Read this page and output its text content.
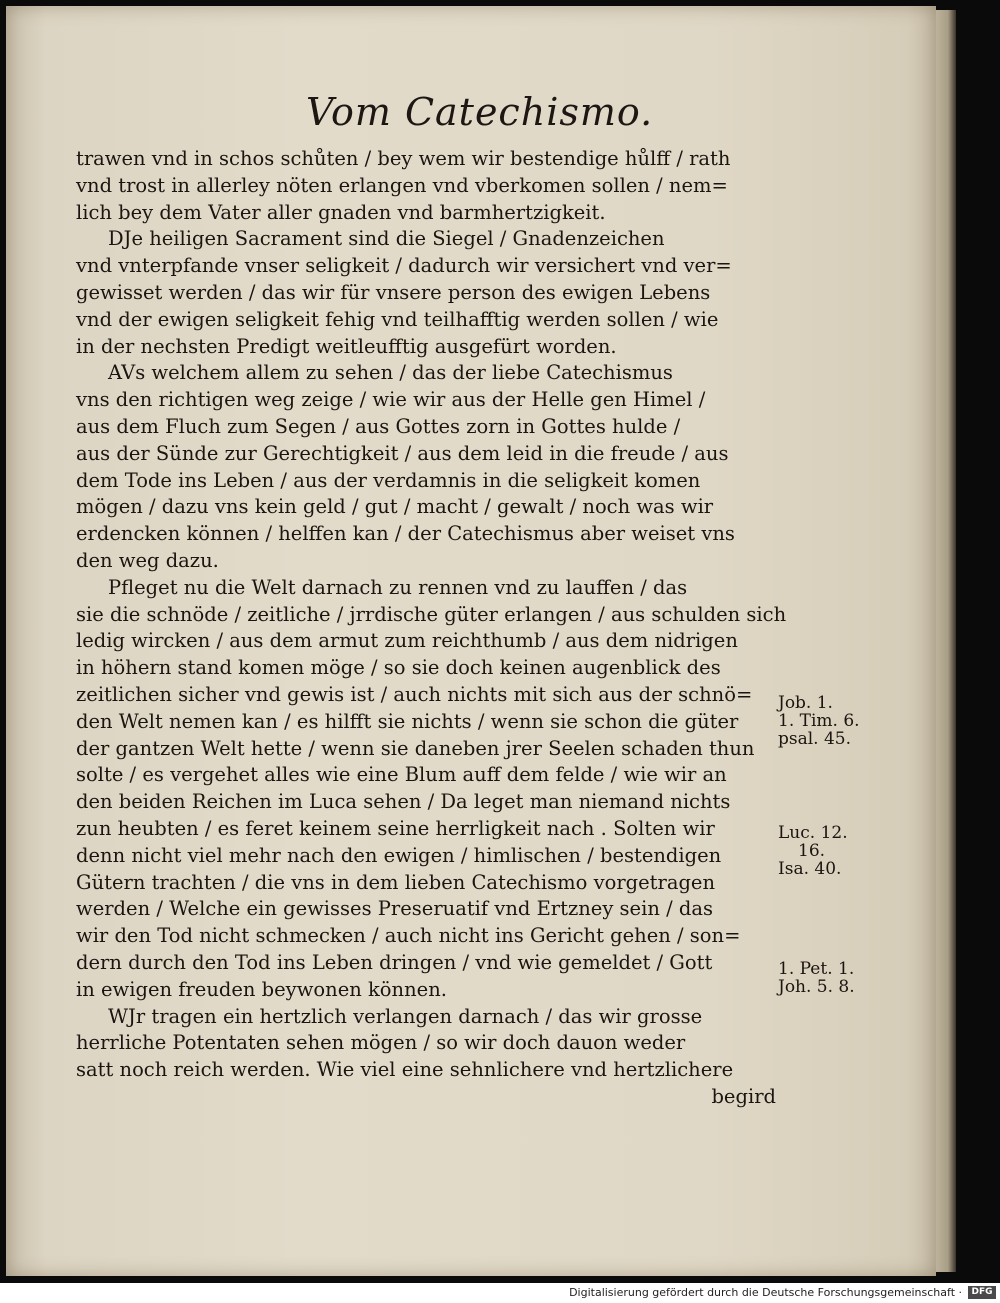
Vom Catechismo.
trawen vnd in schos schůten / bey wem wir bestendige hůlff / rath
vnd trost in allerley nöten erlangen vnd vberkomen sollen / nem=
lich bey dem Vater aller gnaden vnd barmhertzigkeit.
DJe heiligen Sacrament sind die Siegel / Gnadenzeichen
vnd vnterpfande vnser seligkeit / dadurch wir versichert vnd ver=
gewisset werden / das wir für vnsere person des ewigen Lebens
vnd der ewigen seligkeit fehig vnd teilhafftig werden sollen / wie
in der nechsten Predigt weitleufftig ausgefürt worden.
AVs welchem allem zu sehen / das der liebe Catechismus
vns den richtigen weg zeige / wie wir aus der Helle gen Himel /
aus dem Fluch zum Segen / aus Gottes zorn in Gottes hulde /
aus der Sünde zur Gerechtigkeit / aus dem leid in die freude / aus
dem Tode ins Leben / aus der verdamnis in die seligkeit komen
mögen / dazu vns kein geld / gut / macht / gewalt / noch was wir
erdencken können / helffen kan / der Catechismus aber weiset vns
den weg dazu.
Pfleget nu die Welt darnach zu rennen vnd zu lauffen / das
sie die schnöde / zeitliche / jrrdische güter erlangen / aus schulden sich
ledig wircken / aus dem armut zum reichthumb / aus dem nidrigen
in höhern stand komen möge / so sie doch keinen augenblick des
zeitlichen sicher vnd gewis ist / auch nichts mit sich aus der schnö=
den Welt nemen kan / es hilfft sie nichts / wenn sie schon die güter
der gantzen Welt hette / wenn sie daneben jrer Seelen schaden thun
solte / es vergehet alles wie eine Blum auff dem felde / wie wir an
den beiden Reichen im Luca sehen / Da leget man niemand nichts
zun heubten / es feret keinem seine herrligkeit nach . Solten wir
denn nicht viel mehr nach den ewigen / himlischen / bestendigen
Gütern trachten / die vns in dem lieben Catechismo vorgetragen
werden / Welche ein gewisses Preseruatif vnd Ertzney sein / das
wir den Tod nicht schmecken / auch nicht ins Gericht gehen / son=
dern durch den Tod ins Leben dringen / vnd wie gemeldet / Gott
in ewigen freuden beywonen können.
WJr tragen ein hertzlich verlangen darnach / das wir grosse
herrliche Potentaten sehen mögen / so wir doch dauon weder
satt noch reich werden. Wie viel eine sehnlichere vnd hertzlichere
begird
Job. 1.
1. Tim. 6.
psal. 45.
Luc. 12.
16.
Isa. 40.
1. Pet. 1.
Joh. 5. 8.
Digitalisierung gefördert durch die Deutsche Forschungsgemeinschaft ·	DFG
